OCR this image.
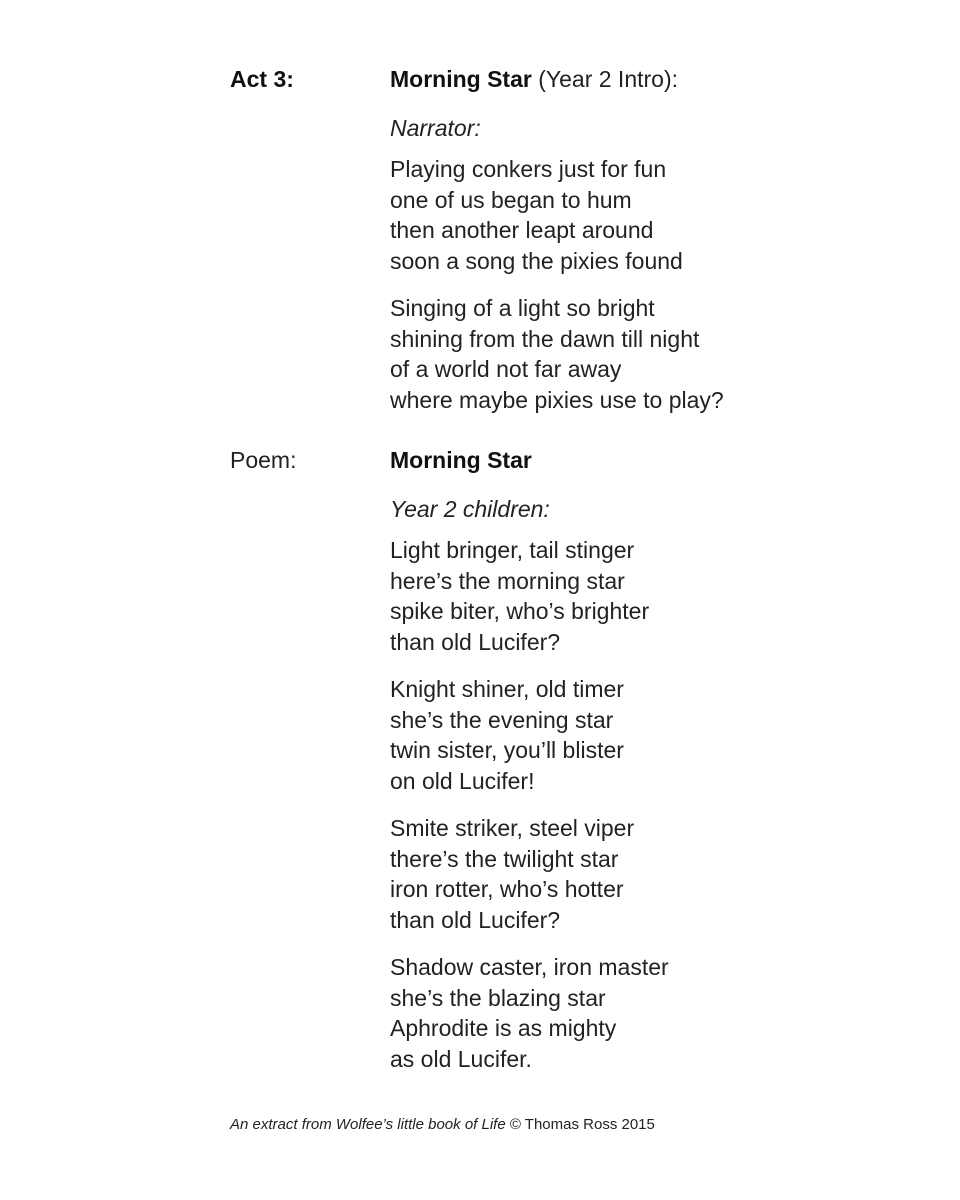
Act 3:	Morning Star (Year 2 Intro):
Narrator:
Playing conkers just for fun
one of us began to hum
then another leapt around
soon a song the pixies found
Singing of a light so bright
shining from the dawn till night
of a world not far away
where maybe pixies use to play?
Poem:	Morning Star
Year 2 children:
Light bringer, tail stinger
here’s the morning star
spike biter, who’s brighter
than old Lucifer?
Knight shiner, old timer
she’s the evening star
twin sister, you’ll blister
on old Lucifer!
Smite striker, steel viper
there’s the twilight star
iron rotter, who’s hotter
than old Lucifer?
Shadow caster, iron master
she’s the blazing star
Aphrodite is as mighty
as old Lucifer.
An extract from Wolfee’s little book of Life © Thomas Ross 2015
